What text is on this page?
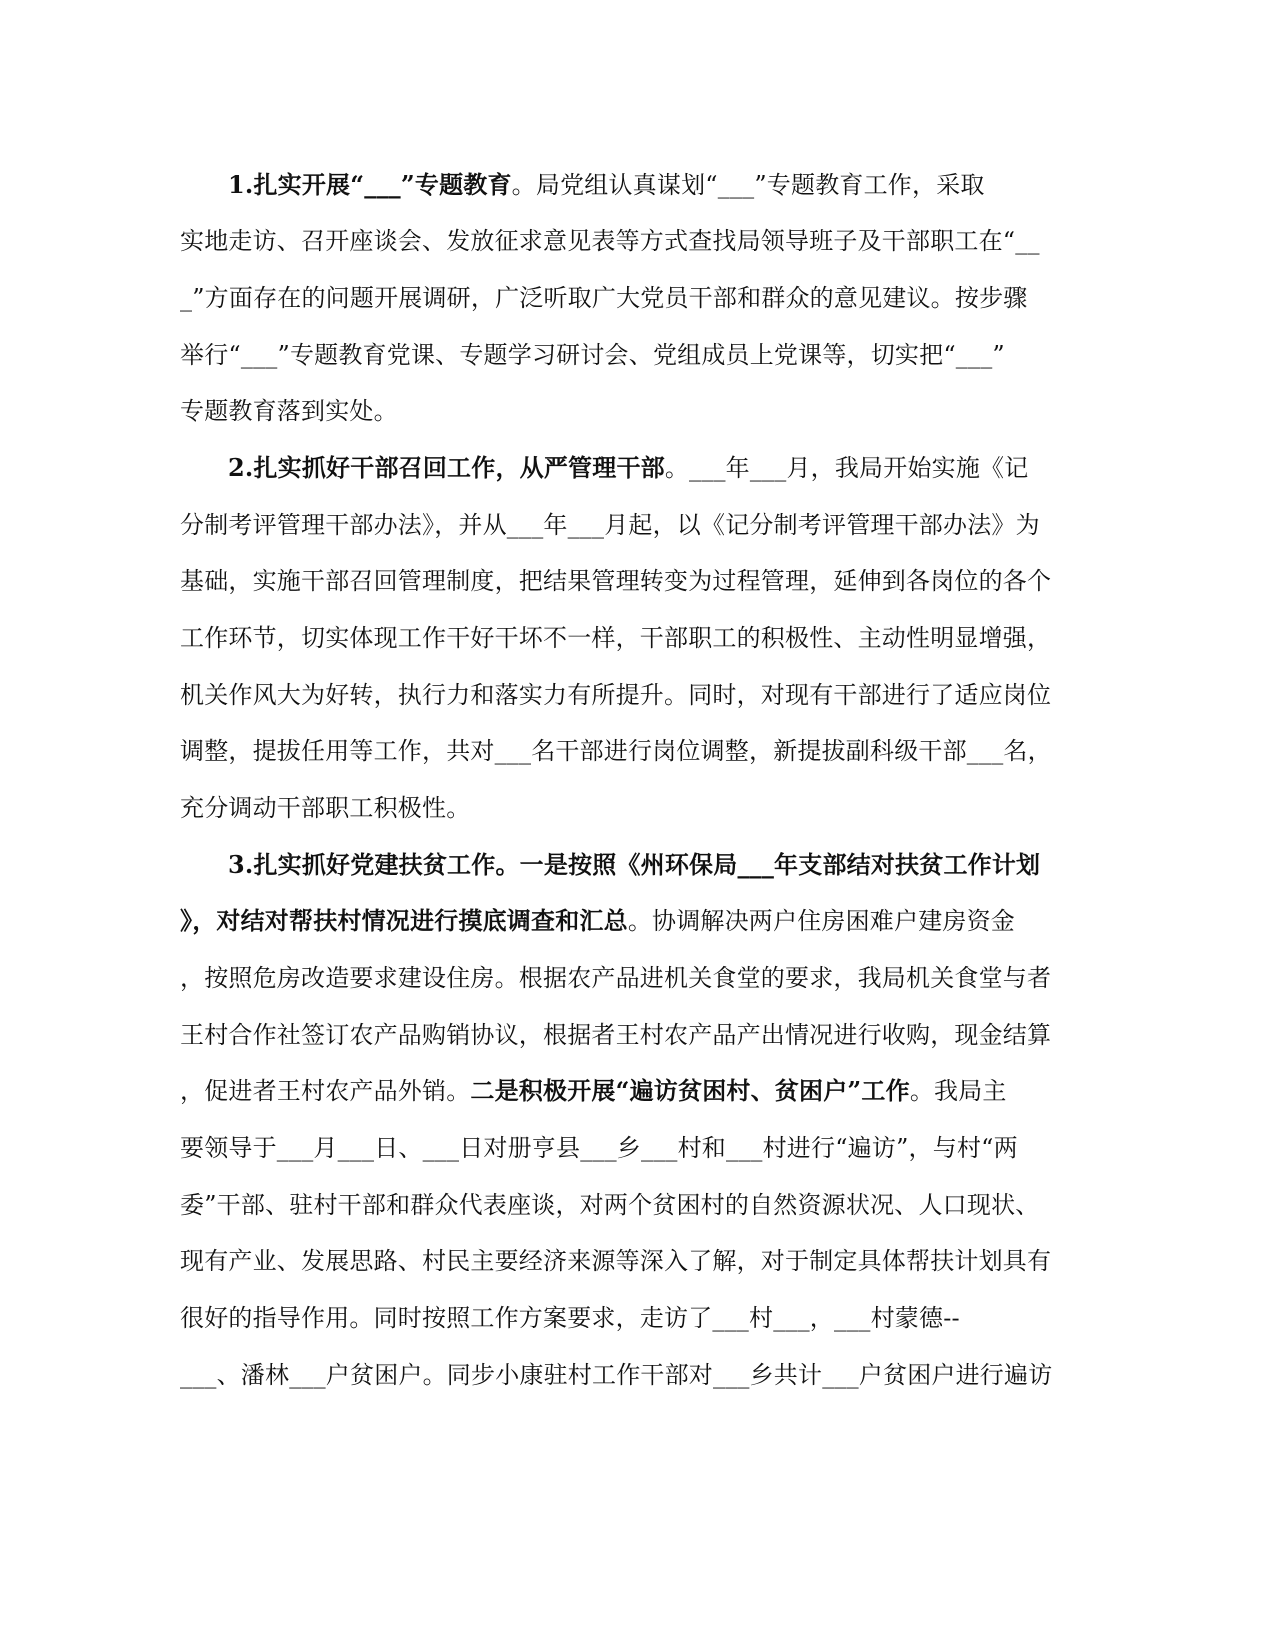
1.扎实开展“___”专题教育。局党组认真谋划“___”专题教育工作，采取
实地走访、召开座谈会、发放征求意见表等方式查找局领导班子及干部职工在“__
_”方面存在的问题开展调研，广泛听取广大党员干部和群众的意见建议。按步骤
举行“___”专题教育党课、专题学习研讨会、党组成员上党课等，切实把“___”
专题教育落到实处。
2.扎实抓好干部召回工作，从严管理干部。___年___月，我局开始实施《记
分制考评管理干部办法》，并从___年___月起，以《记分制考评管理干部办法》为
基础，实施干部召回管理制度，把结果管理转变为过程管理，延伸到各岗位的各个
工作环节，切实体现工作干好干坏不一样，干部职工的积极性、主动性明显增强，
机关作风大为好转，执行力和落实力有所提升。同时，对现有干部进行了适应岗位
调整，提拔任用等工作，共对___名干部进行岗位调整，新提拔副科级干部___名，
充分调动干部职工积极性。
3.扎实抓好党建扶贫工作。一是按照《州环保局___年支部结对扶贫工作计划
》，对结对帮扶村情况进行摸底调查和汇总。协调解决两户住房困难户建房资金
，按照危房改造要求建设住房。根据农产品进机关食堂的要求，我局机关食堂与者
王村合作社签订农产品购销协议，根据者王村农产品产出情况进行收购，现金结算
，促进者王村农产品外销。二是积极开展“遍访贫困村、贫困户”工作。我局主
要领导于___月___日、___日对册亨县___乡___村和___村进行“遍访”，与村“两
委”干部、驻村干部和群众代表座谈，对两个贫困村的自然资源状况、人口现状、
现有产业、发展思路、村民主要经济来源等深入了解，对于制定具体帮扶计划具有
很好的指导作用。同时按照工作方案要求，走访了___村___，___村蒙德--
___、潘林___户贫困户。同步小康驻村工作干部对___乡共计___户贫困户进行遍访
